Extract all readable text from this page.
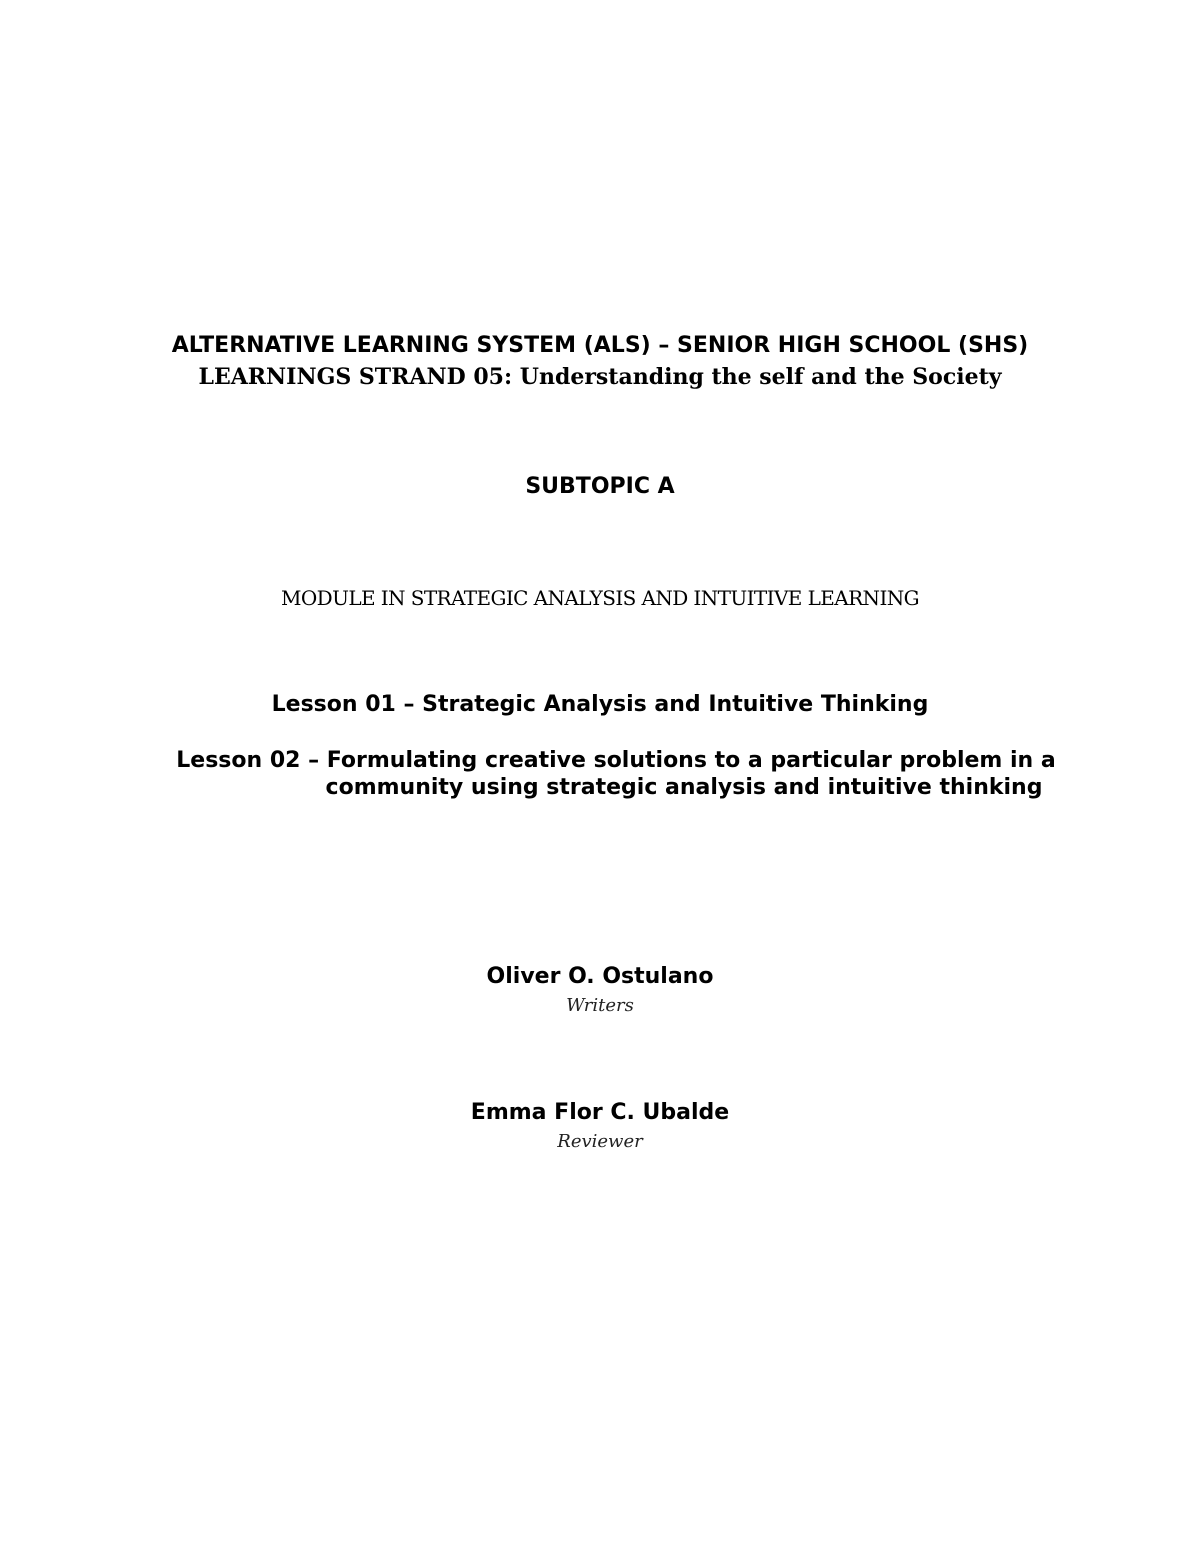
ALTERNATIVE LEARNING SYSTEM (ALS) – SENIOR HIGH SCHOOL (SHS)
LEARNINGS STRAND 05: Understanding the self and the Society
SUBTOPIC A
MODULE IN STRATEGIC ANALYSIS AND INTUITIVE LEARNING
Lesson 01 – Strategic Analysis and Intuitive Thinking
Lesson 02 – Formulating creative solutions to a particular problem in a
community using strategic analysis and intuitive thinking
Oliver O. Ostulano
Writers
Emma Flor C. Ubalde
Reviewer
